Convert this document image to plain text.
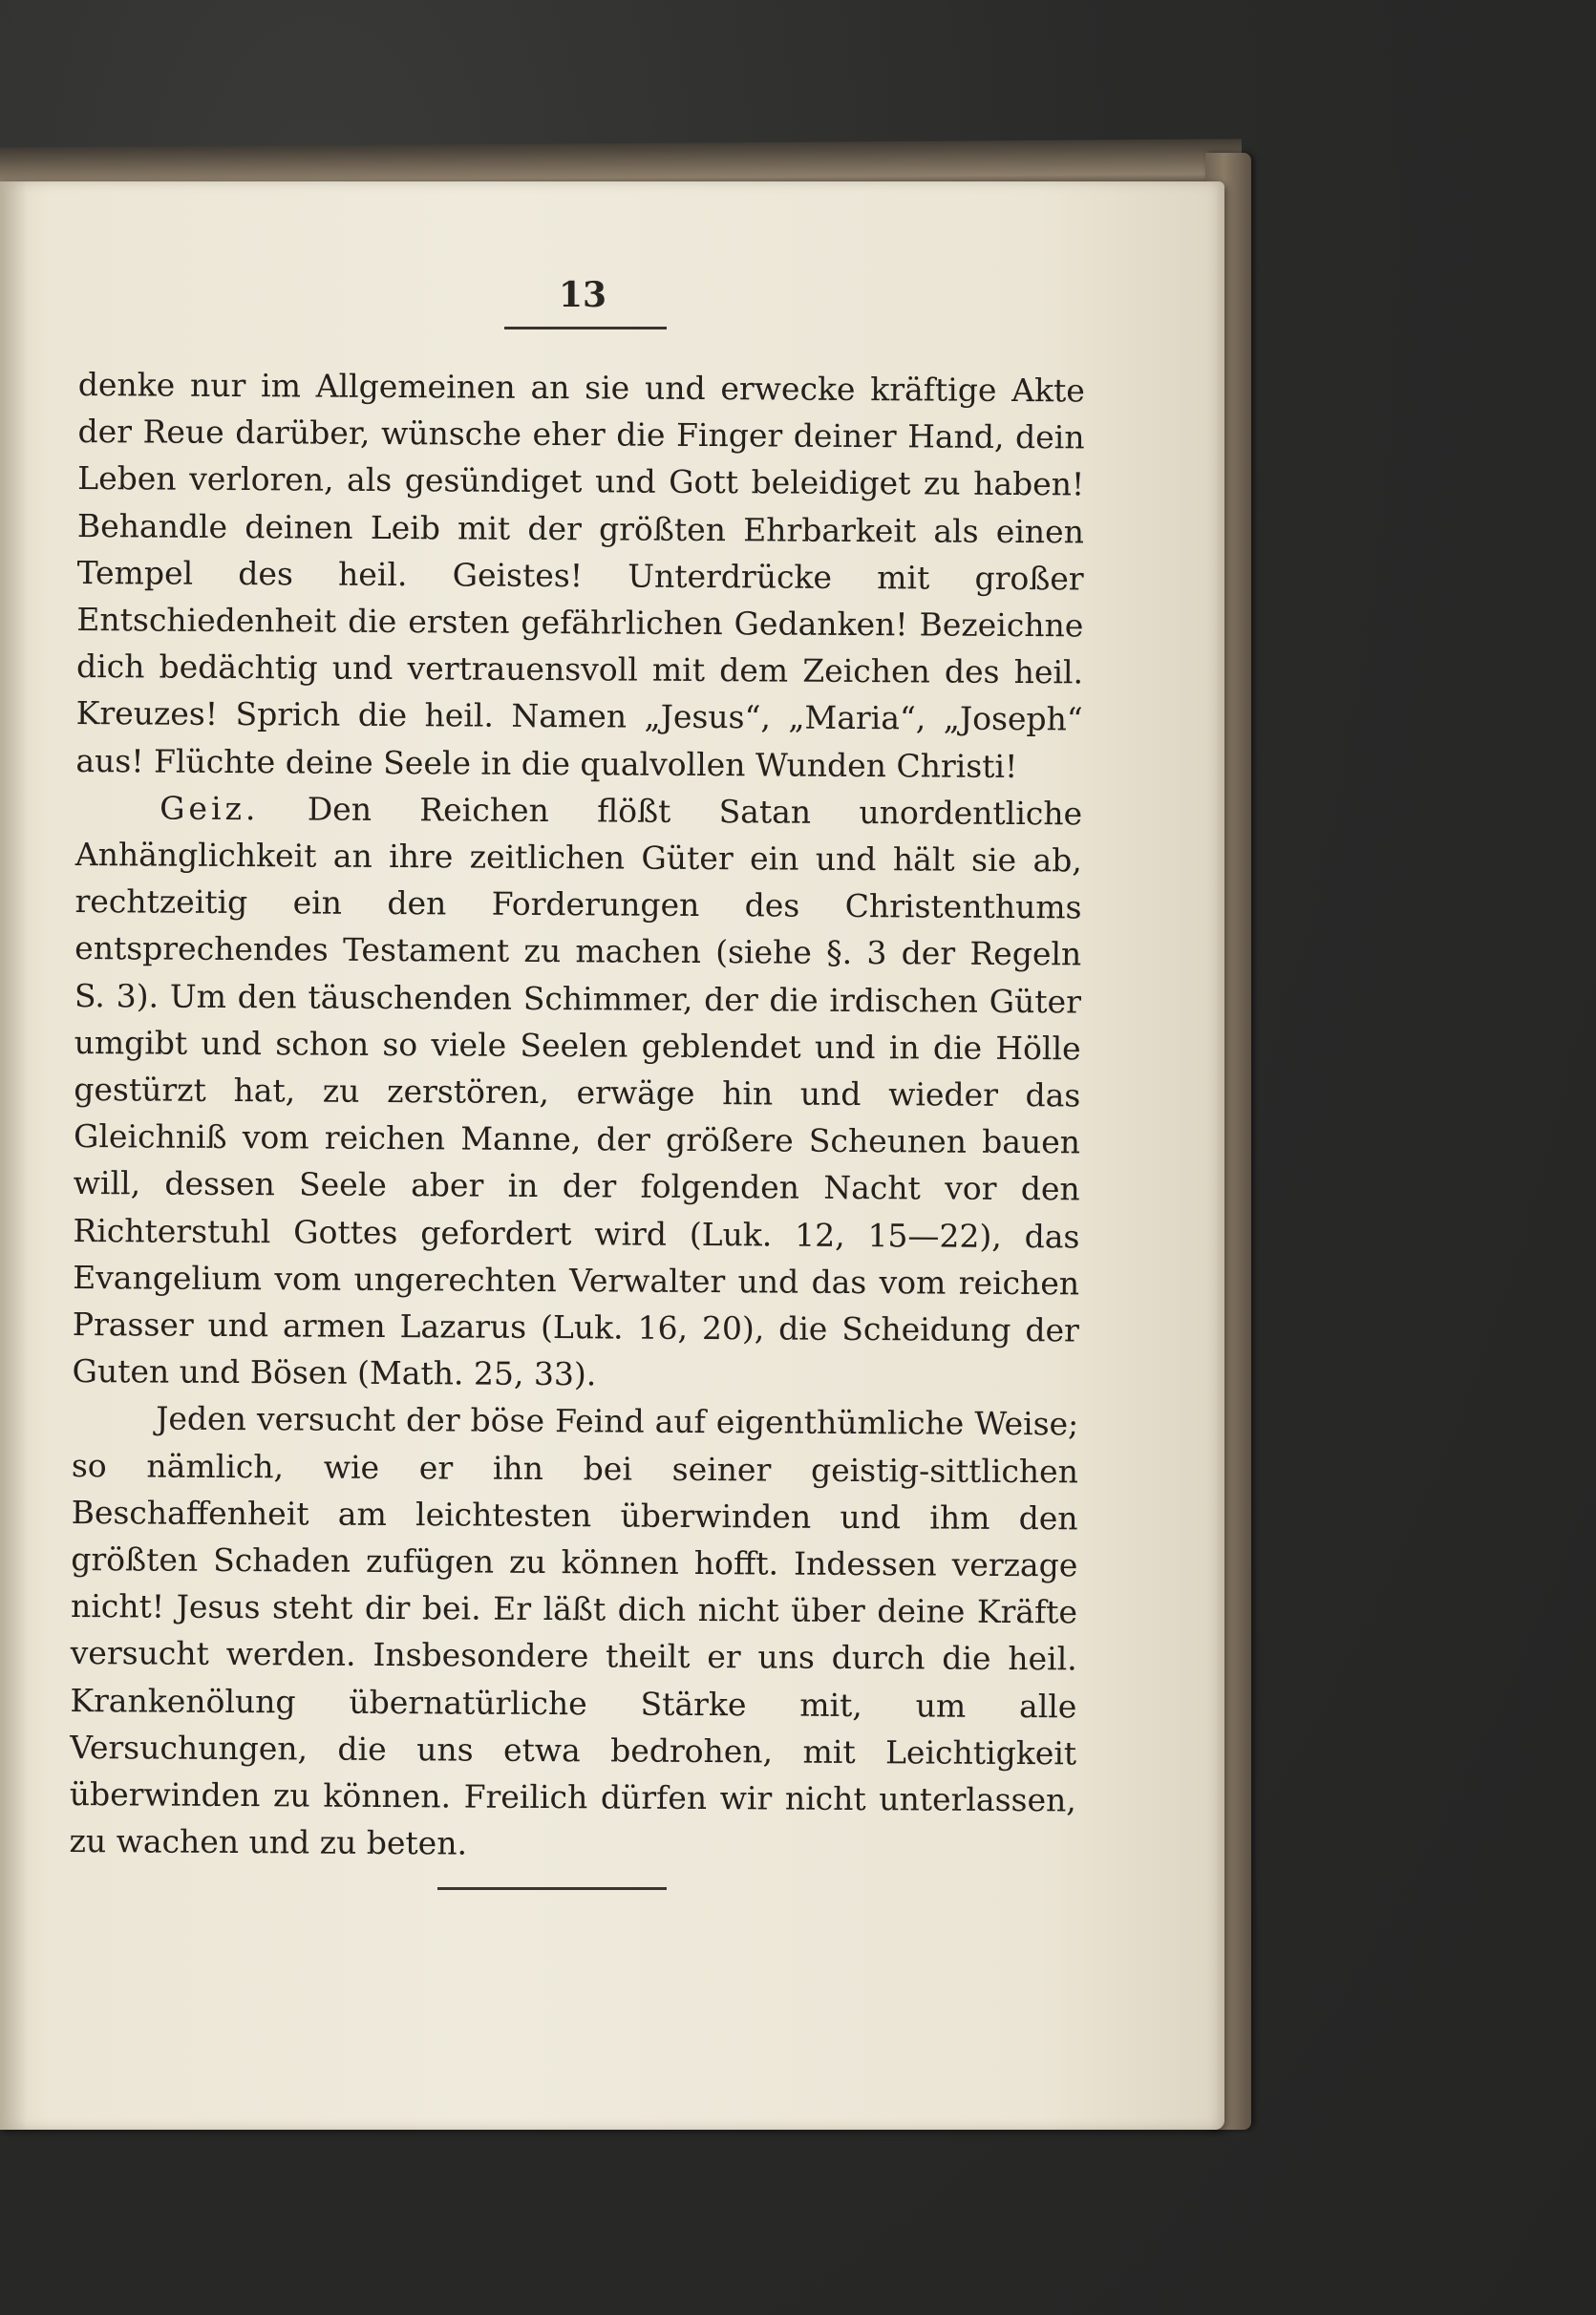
13

denke nur im Allgemeinen an sie und erwecke kräftige Akte der Reue darüber, wünsche eher die Finger deiner Hand, dein Leben verloren, als gesündiget und Gott beleidiget zu haben! Behandle deinen Leib mit der größten Ehrbarkeit als einen Tempel des heil. Geistes! Unterdrücke mit großer Entschiedenheit die ersten gefährlichen Gedanken! Bezeichne dich bedächtig und vertrauensvoll mit dem Zeichen des heil. Kreuzes! Sprich die heil. Namen „Jesus“, „Maria“, „Joseph“ aus! Flüchte deine Seele in die qualvollen Wunden Christi!

Geiz. Den Reichen flößt Satan unordentliche Anhänglichkeit an ihre zeitlichen Güter ein und hält sie ab, rechtzeitig ein den Forderungen des Christenthums entsprechendes Testament zu machen (siehe §. 3 der Regeln S. 3). Um den täuschenden Schimmer, der die irdischen Güter umgibt und schon so viele Seelen geblendet und in die Hölle gestürzt hat, zu zerstören, erwäge hin und wieder das Gleichniß vom reichen Manne, der größere Scheunen bauen will, dessen Seele aber in der folgenden Nacht vor den Richterstuhl Gottes gefordert wird (Luk. 12, 15—22), das Evangelium vom ungerechten Verwalter und das vom reichen Prasser und armen Lazarus (Luk. 16, 20), die Scheidung der Guten und Bösen (Math. 25, 33).

Jeden versucht der böse Feind auf eigenthümliche Weise; so nämlich, wie er ihn bei seiner geistig-sittlichen Beschaffenheit am leichtesten überwinden und ihm den größten Schaden zufügen zu können hofft. Indessen verzage nicht! Jesus steht dir bei. Er läßt dich nicht über deine Kräfte versucht werden. Insbesondere theilt er uns durch die heil. Krankenölung übernatürliche Stärke mit, um alle Versuchungen, die uns etwa bedrohen, mit Leichtigkeit überwinden zu können. Freilich dürfen wir nicht unterlassen, zu wachen und zu beten.
